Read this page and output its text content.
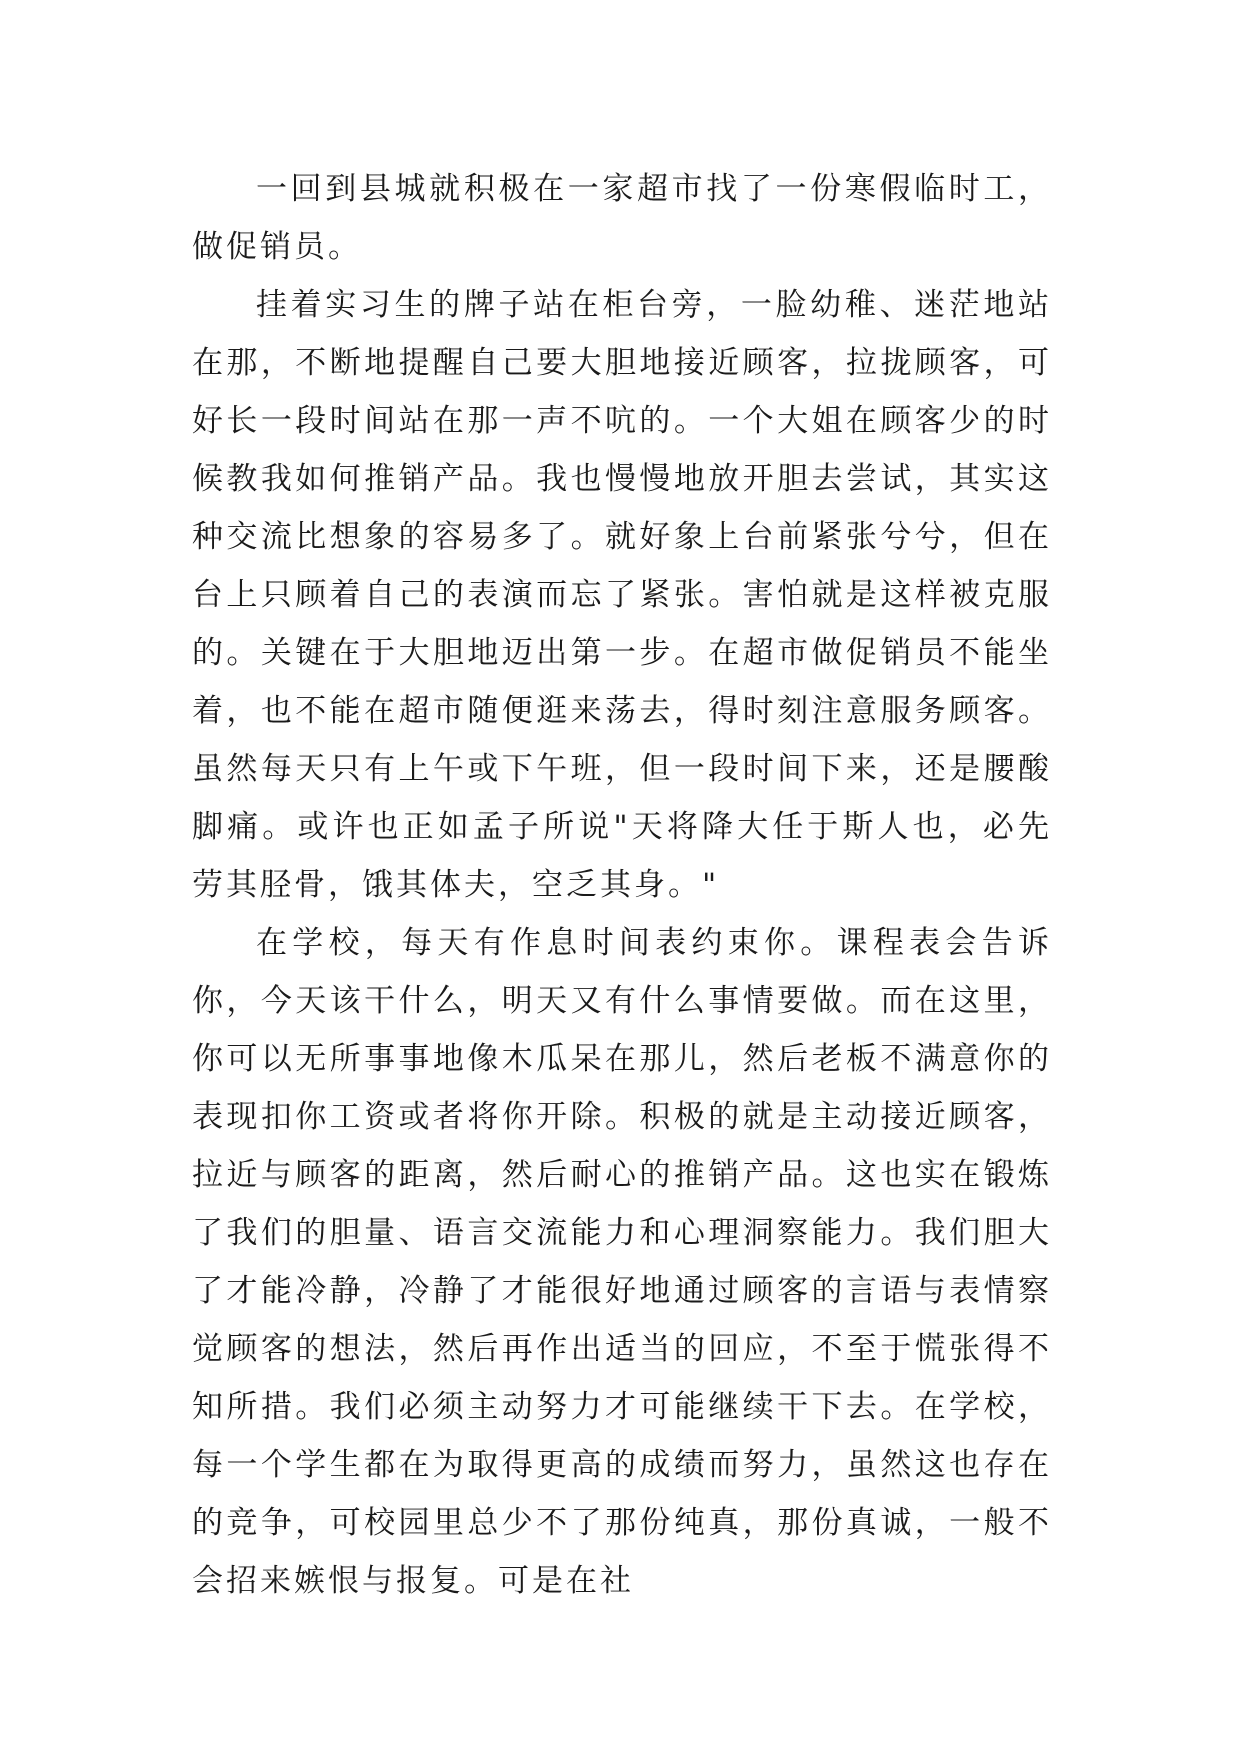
一回到县城就积极在一家超市找了一份寒假临时工，做促销员。

挂着实习生的牌子站在柜台旁，一脸幼稚、迷茫地站在那，不断地提醒自己要大胆地接近顾客，拉拢顾客，可好长一段时间站在那一声不吭的。一个大姐在顾客少的时候教我如何推销产品。我也慢慢地放开胆去尝试，其实这种交流比想象的容易多了。就好象上台前紧张兮兮，但在台上只顾着自己的表演而忘了紧张。害怕就是这样被克服的。关键在于大胆地迈出第一步。在超市做促销员不能坐着，也不能在超市随便逛来荡去，得时刻注意服务顾客。虽然每天只有上午或下午班，但一段时间下来，还是腰酸脚痛。或许也正如孟子所说"天将降大任于斯人也，必先劳其胫骨，饿其体夫，空乏其身。"

在学校，每天有作息时间表约束你。课程表会告诉你，今天该干什么，明天又有什么事情要做。而在这里，你可以无所事事地像木瓜呆在那儿，然后老板不满意你的表现扣你工资或者将你开除。积极的就是主动接近顾客，拉近与顾客的距离，然后耐心的推销产品。这也实在锻炼了我们的胆量、语言交流能力和心理洞察能力。我们胆大了才能冷静，冷静了才能很好地通过顾客的言语与表情察觉顾客的想法，然后再作出适当的回应，不至于慌张得不知所措。我们必须主动努力才可能继续干下去。在学校，每一个学生都在为取得更高的成绩而努力，虽然这也存在的竞争，可校园里总少不了那份纯真，那份真诚，一般不会招来嫉恨与报复。可是在社
